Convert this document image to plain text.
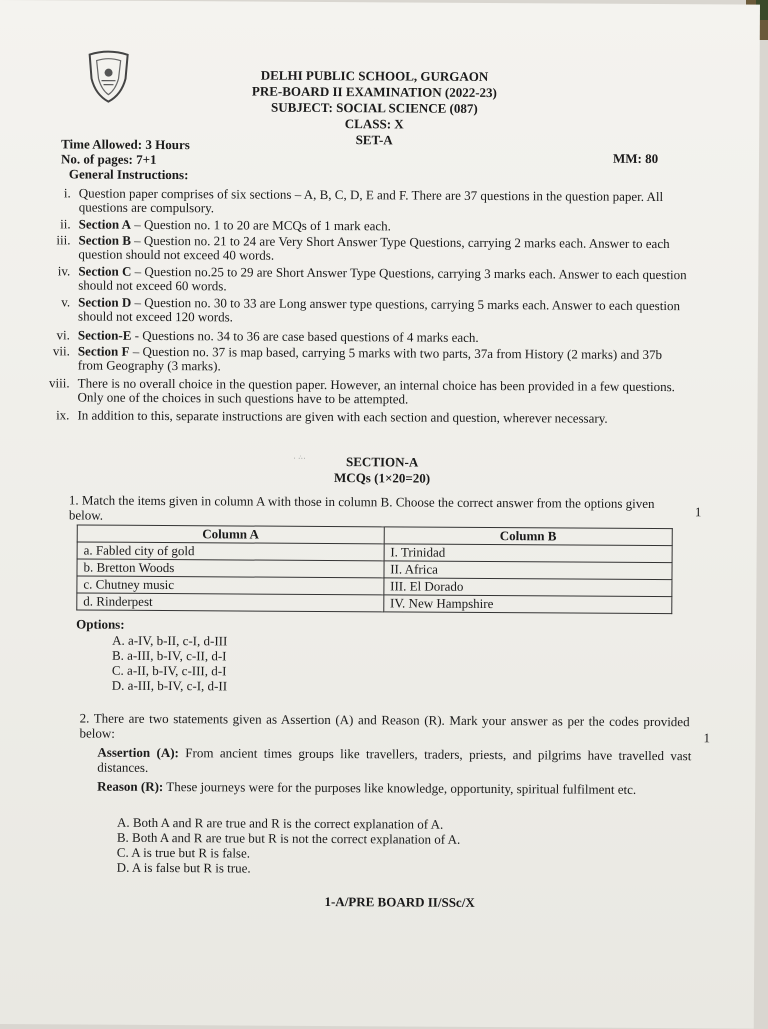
DELHI PUBLIC SCHOOL, GURGAON
PRE-BOARD II EXAMINATION (2022-23)
SUBJECT: SOCIAL SCIENCE (087)
CLASS: X
SET-A
Time Allowed: 3 Hours
No. of pages: 7+1	MM: 80
General Instructions:
i. Question paper comprises of six sections – A, B, C, D, E and F. There are 37 questions in the question paper. All questions are compulsory.
ii. Section A – Question no. 1 to 20 are MCQs of 1 mark each.
iii. Section B – Question no. 21 to 24 are Very Short Answer Type Questions, carrying 2 marks each. Answer to each question should not exceed 40 words.
iv. Section C – Question no.25 to 29 are Short Answer Type Questions, carrying 3 marks each. Answer to each question should not exceed 60 words.
v. Section D – Question no. 30 to 33 are Long answer type questions, carrying 5 marks each. Answer to each question should not exceed 120 words.
vi. Section-E - Questions no. 34 to 36 are case based questions of 4 marks each.
vii. Section F – Question no. 37 is map based, carrying 5 marks with two parts, 37a from History (2 marks) and 37b from Geography (3 marks).
viii. There is no overall choice in the question paper. However, an internal choice has been provided in a few questions. Only one of the choices in such questions have to be attempted.
ix. In addition to this, separate instructions are given with each section and question, wherever necessary.
· ·̇··	SECTION-A
MCQs (1×20=20)
1. Match the items given in column A with those in column B. Choose the correct answer from the options given below.	1
Column A	Column B
a. Fabled city of gold	I. Trinidad
b. Bretton Woods	II. Africa
c. Chutney music	III. El Dorado
d. Rinderpest	IV. New Hampshire
Options:
A. a-IV, b-II, c-I, d-III
B. a-III, b-IV, c-II, d-I
C. a-II, b-IV, c-III, d-I
D. a-III, b-IV, c-I, d-II
2. There are two statements given as Assertion (A) and Reason (R). Mark your answer as per the codes provided below:	1
Assertion (A): From ancient times groups like travellers, traders, priests, and pilgrims have travelled vast distances.
Reason (R): These journeys were for the purposes like knowledge, opportunity, spiritual fulfilment etc.
A. Both A and R are true and R is the correct explanation of A.
B. Both A and R are true but R is not the correct explanation of A.
C. A is true but R is false.
D. A is false but R is true.
1-A/PRE BOARD II/SSc/X
